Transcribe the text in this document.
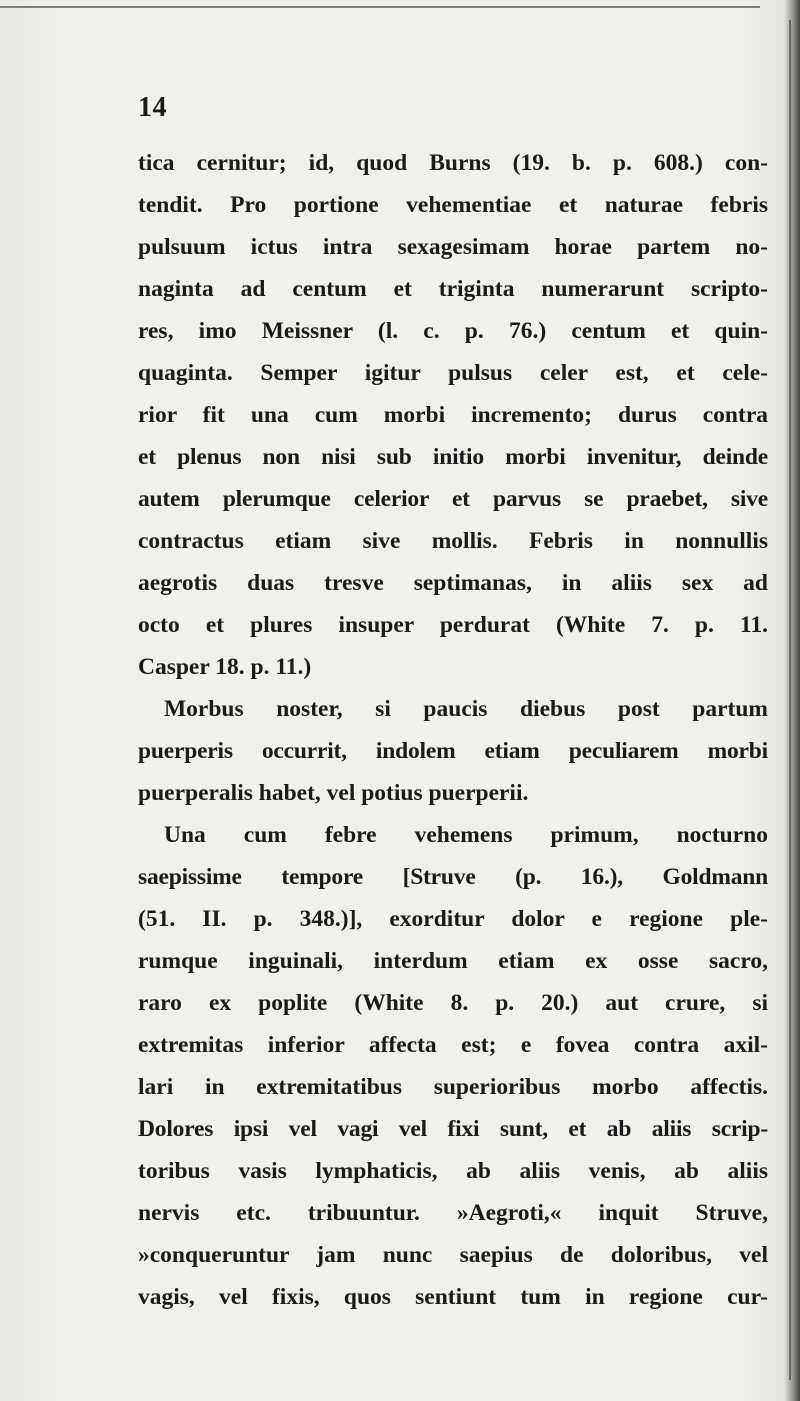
14
tica cernitur; id, quod Burns (19. b. p. 608.) con-
tendit. Pro portione vehementiae et naturae febris
pulsuum ictus intra sexagesimam horae partem no-
naginta ad centum et triginta numerarunt scripto-
res, imo Meissner (l. c. p. 76.) centum et quin-
quaginta. Semper igitur pulsus celer est, et cele-
rior fit una cum morbi incremento; durus contra
et plenus non nisi sub initio morbi invenitur, deinde
autem plerumque celerior et parvus se praebet, sive
contractus etiam sive mollis. Febris in nonnullis
aegrotis duas tresve septimanas, in aliis sex ad
octo et plures insuper perdurat (White 7. p. 11.
Casper 18. p. 11.)
Morbus noster, si paucis diebus post partum
puerperis occurrit, indolem etiam peculiarem morbi
puerperalis habet, vel potius puerperii.
Una cum febre vehemens primum, nocturno
saepissime tempore [Struve (p. 16.), Goldmann
(51. II. p. 348.)], exorditur dolor e regione ple-
rumque inguinali, interdum etiam ex osse sacro,
raro ex poplite (White 8. p. 20.) aut crure, si
extremitas inferior affecta est; e fovea contra axil-
lari in extremitatibus superioribus morbo affectis.
Dolores ipsi vel vagi vel fixi sunt, et ab aliis scrip-
toribus vasis lymphaticis, ab aliis venis, ab aliis
nervis etc. tribuuntur. »Aegroti,« inquit Struve,
»conqueruntur jam nunc saepius de doloribus, vel
vagis, vel fixis, quos sentiunt tum in regione cur-
